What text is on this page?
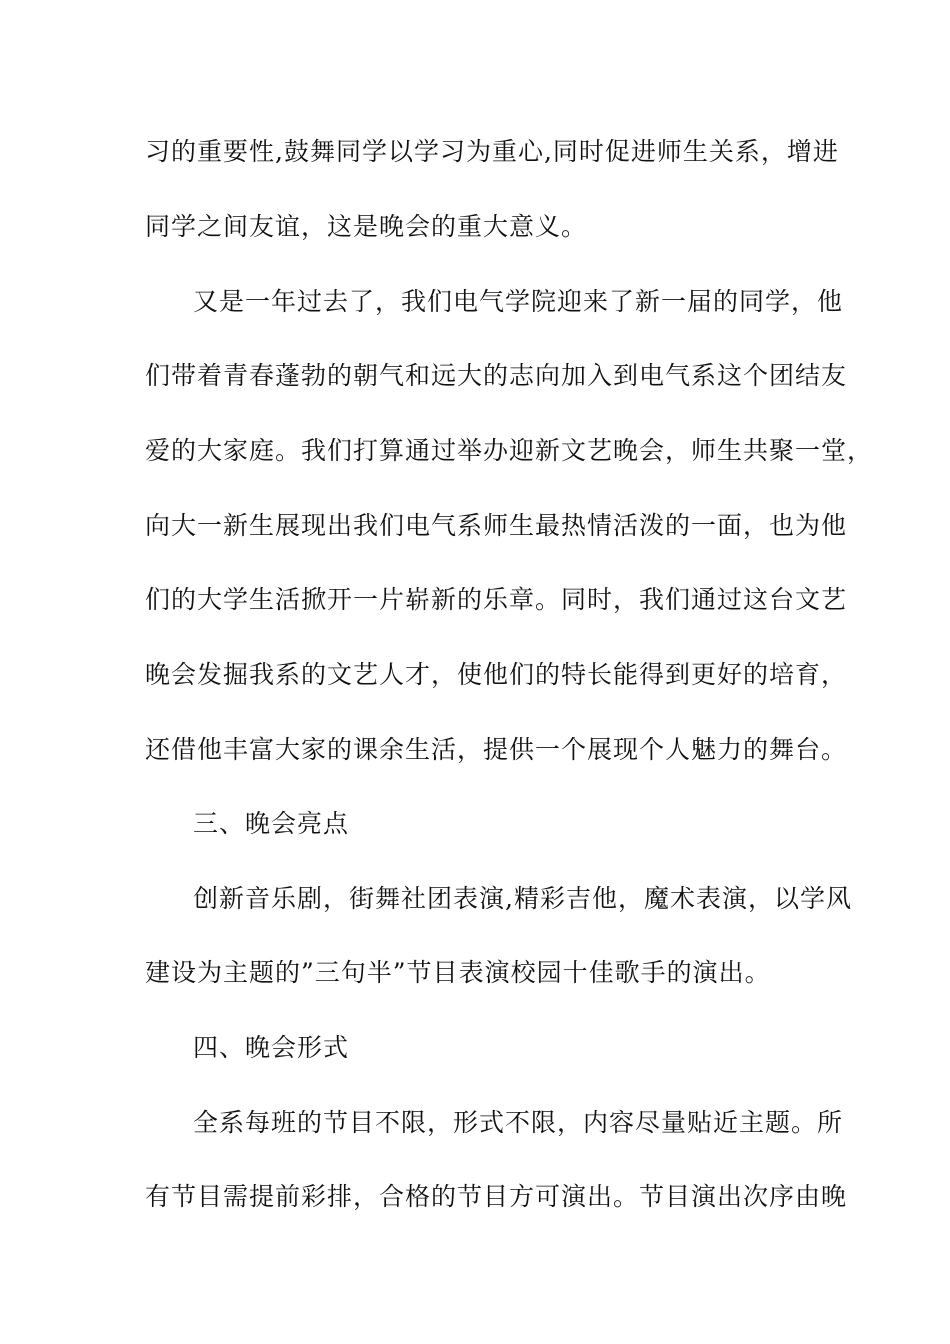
习的重要性,鼓舞同学以学习为重心,同时促进师生关系，增进
同学之间友谊，这是晚会的重大意义。
又是一年过去了，我们电气学院迎来了新一届的同学，他
们带着青春蓬勃的朝气和远大的志向加入到电气系这个团结友
爱的大家庭。我们打算通过举办迎新文艺晚会，师生共聚一堂，
向大一新生展现出我们电气系师生最热情活泼的一面，也为他
们的大学生活掀开一片崭新的乐章。同时，我们通过这台文艺
晚会发掘我系的文艺人才，使他们的特长能得到更好的培育，
还借他丰富大家的课余生活，提供一个展现个人魅力的舞台。
三、晚会亮点
创新音乐剧，街舞社团表演,精彩吉他，魔术表演，以学风
建设为主题的”三句半”节目表演校园十佳歌手的演出。
四、晚会形式
全系每班的节目不限，形式不限，内容尽量贴近主题。所
有节目需提前彩排，合格的节目方可演出。节目演出次序由晚
